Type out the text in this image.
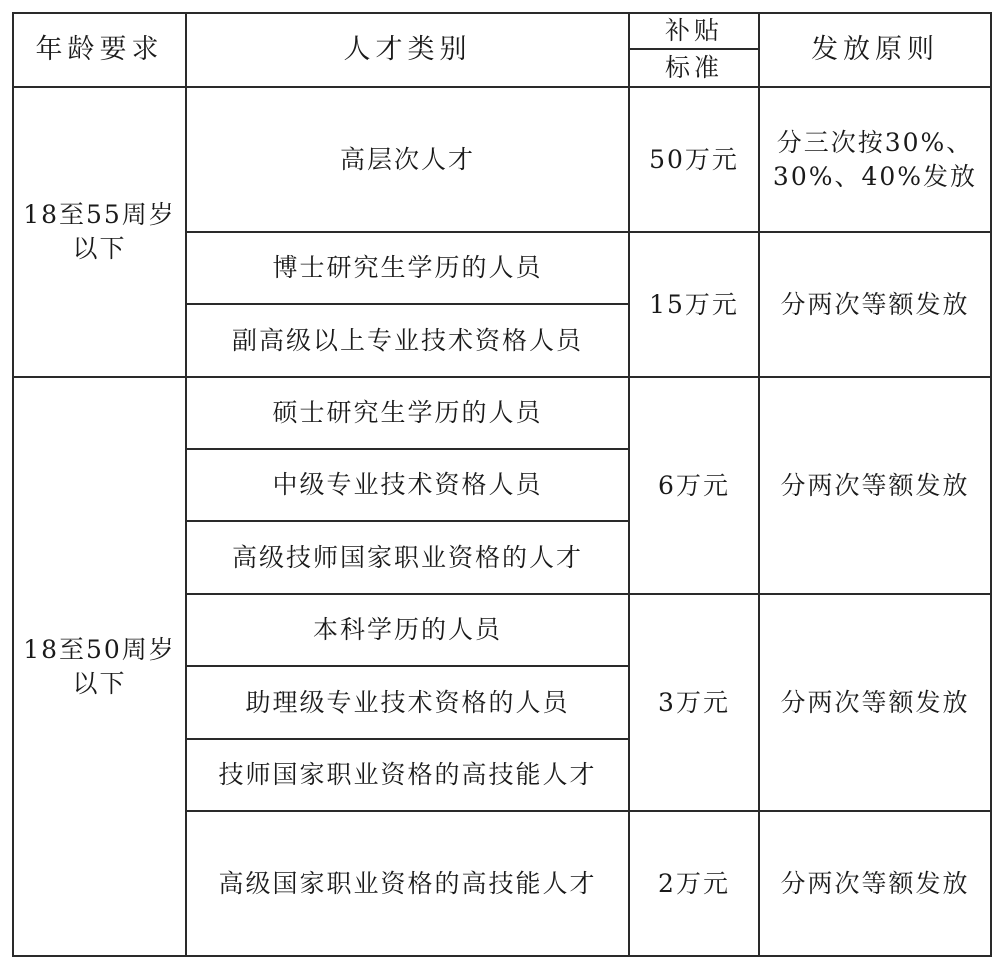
年龄要求	人才类别	补贴	发放原则
		标准	

18至55周岁
以下	高层次人才	50万元	分三次按30%、
30%、40%发放

	博士研究生学历的人员	15万元	分两次等额发放
	副高级以上专业技术资格人员		

18至50周岁
以下	硕士研究生学历的人员	6万元	分两次等额发放
	中级专业技术资格人员		
	高级技师国家职业资格的人才		
	本科学历的人员	3万元	分两次等额发放
	助理级专业技术资格的人员		
	技师国家职业资格的高技能人才		
	高级国家职业资格的高技能人才	2万元	分两次等额发放
